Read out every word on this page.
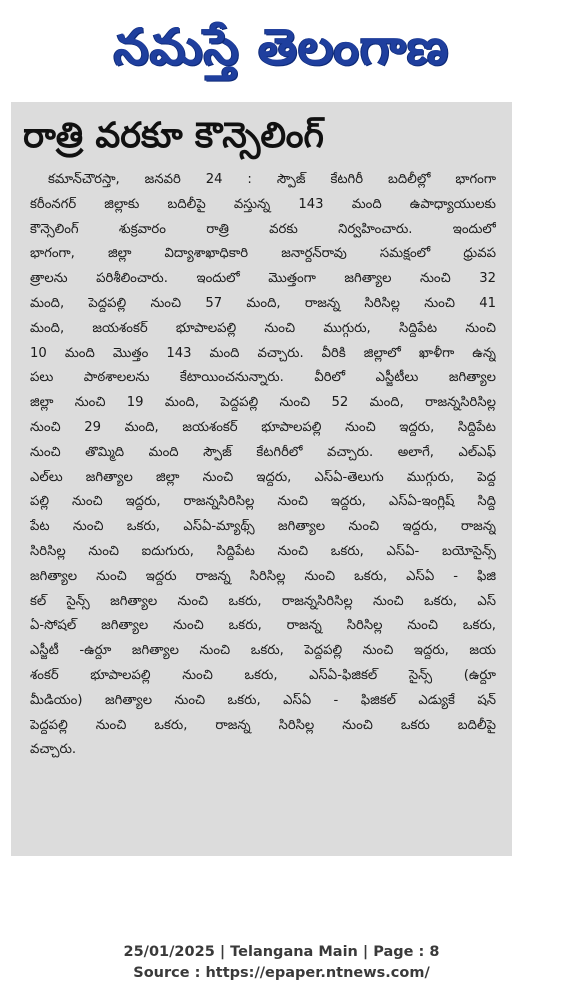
నమస్తే తెలంగాణ
రాత్రి వరకూ కౌన్సెలింగ్
కమాన్‌చౌరస్తా, జనవరి 24 : స్పౌజ్‌ కేటగిరీ బదిలీల్లో భాగంగా
కరీంనగర్‌ జిల్లాకు బదిలీపై వస్తున్న 143 మంది ఉపాధ్యాయులకు
కౌన్సెలింగ్‌ శుక్రవారం రాత్రి వరకు నిర్వహించారు. ఇందులో
భాగంగా, జిల్లా విద్యాశాఖాధికారి జనార్దన్‌రావు సమక్షంలో ధ్రువప
త్రాలను పరిశీలించారు. ఇందులో మొత్తంగా జగిత్యాల నుంచి 32
మంది, పెద్దపల్లి నుంచి 57 మంది, రాజన్న సిరిసిల్ల నుంచి 41
మంది, జయశంకర్‌ భూపాలపల్లి నుంచి ముగ్గురు, సిద్దిపేట నుంచి
10 మంది మొత్తం 143 మంది వచ్చారు. వీరికి జిల్లాలో ఖాళీగా ఉన్న
పలు పాఠశాలలను కేటాయించనున్నారు. వీరిలో ఎస్జీటీలు జగిత్యాల
జిల్లా నుంచి 19 మంది, పెద్దపల్లి నుంచి 52 మంది, రాజన్నసిరిసిల్ల
నుంచి 29 మంది, జయశంకర్‌ భూపాలపల్లి నుంచి ఇద్దరు, సిద్దిపేట
నుంచి తొమ్మిది మంది స్పౌజ్‌ కేటగిరీలో వచ్చారు. అలాగే, ఎల్‌ఎఫ్‌
ఎల్‌లు జగిత్యాల జిల్లా నుంచి ఇద్దరు, ఎస్‌ఏ-తెలుగు ముగ్గురు, పెద్ద
పల్లి నుంచి ఇద్దరు, రాజన్నసిరిసిల్ల నుంచి ఇద్దరు, ఎస్‌ఏ-ఇంగ్లిష్‌ సిద్ది
పేట నుంచి ఒకరు, ఎస్‌ఏ-మ్యాథ్స్‌ జగిత్యాల నుంచి ఇద్దరు, రాజన్న
సిరిసిల్ల నుంచి ఐదుగురు, సిద్దిపేట నుంచి ఒకరు, ఎస్‌ఏ- బయోసైన్స్‌
జగిత్యాల నుంచి ఇద్దరు రాజన్న సిరిసిల్ల నుంచి ఒకరు, ఎస్‌ఏ - ఫిజి
కల్‌ సైన్స్‌ జగిత్యాల నుంచి ఒకరు, రాజన్నసిరిసిల్ల నుంచి ఒకరు, ఎస్‌
ఏ-సోషల్‌ జగిత్యాల నుంచి ఒకరు, రాజన్న సిరిసిల్ల నుంచి ఒకరు,
ఎస్జీటీ -ఉర్దూ జగిత్యాల నుంచి ఒకరు, పెద్దపల్లి నుంచి ఇద్దరు, జయ
శంకర్‌ భూపాలపల్లి నుంచి ఒకరు, ఎస్‌ఏ-ఫిజికల్‌ సైన్స్‌ (ఉర్దూ
మీడియం) జగిత్యాల నుంచి ఒకరు, ఎస్‌ఏ - ఫిజికల్‌ ఎడ్యుకే షన్‌
పెద్దపల్లి నుంచి ఒకరు, రాజన్న సిరిసిల్ల నుంచి ఒకరు బదిలీపై
వచ్చారు.
25/01/2025 | Telangana Main | Page : 8
Source : https://epaper.ntnews.com/
